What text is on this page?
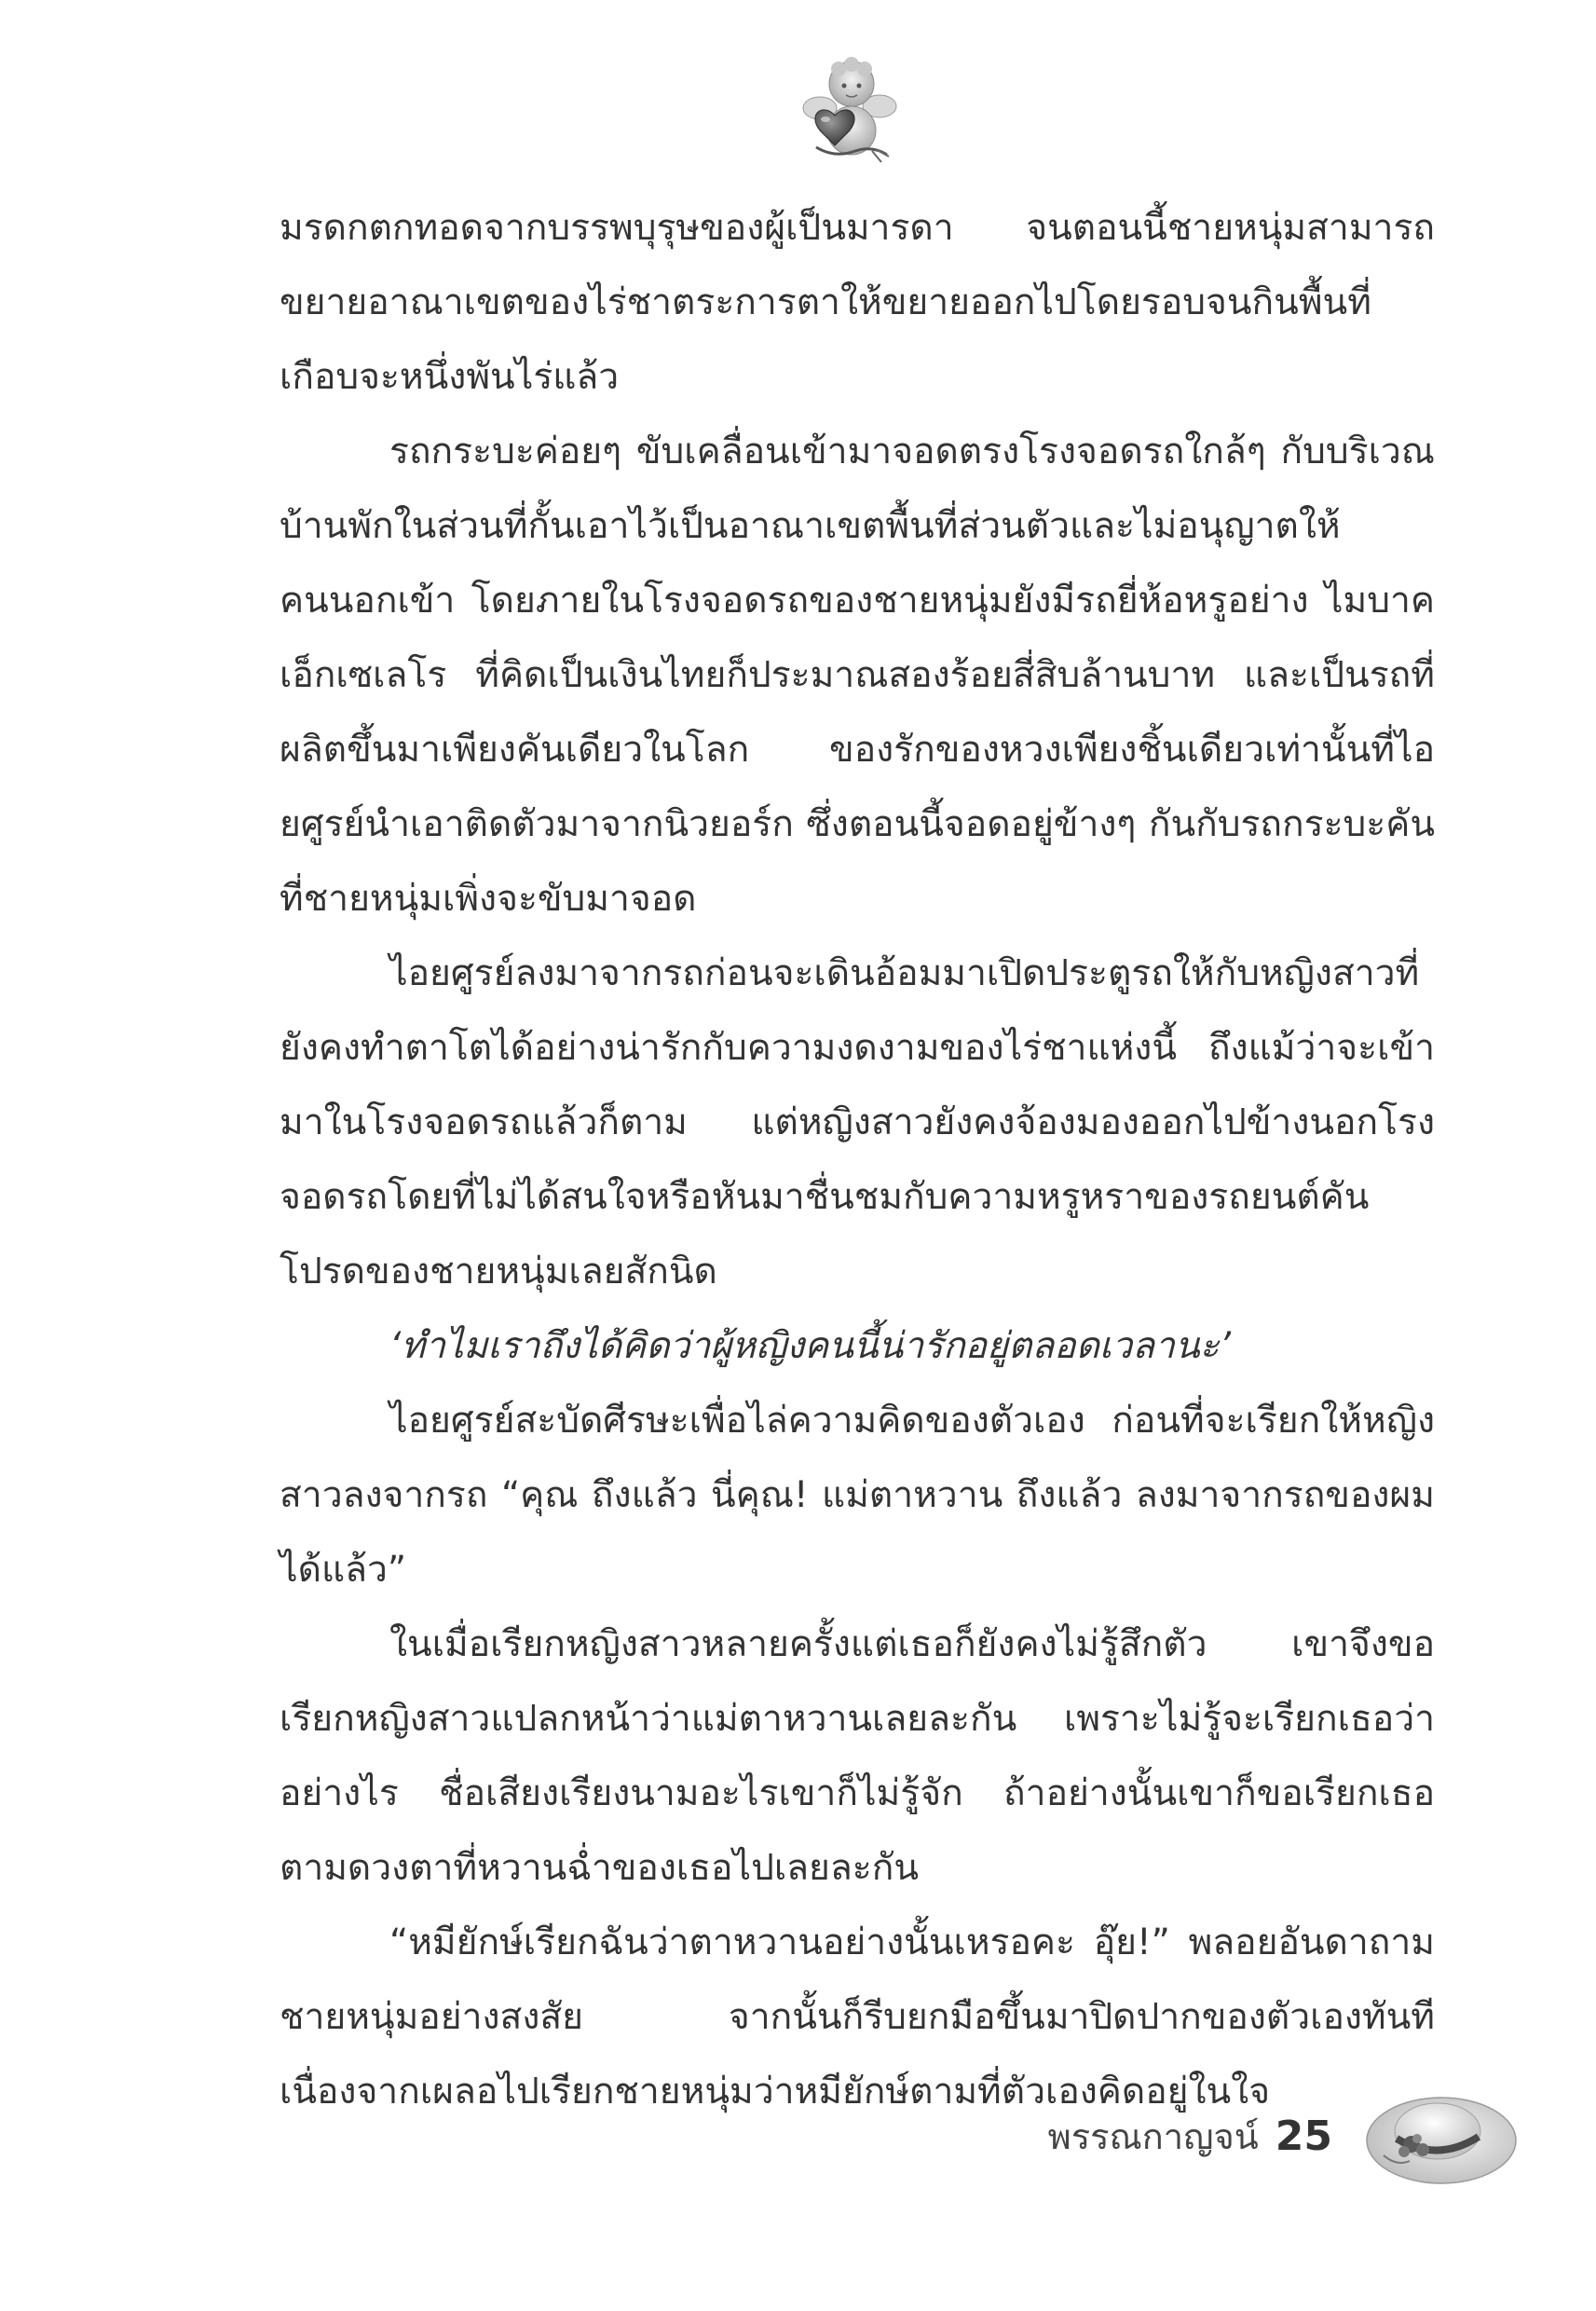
มรดกตกทอดจากบรรพบุรุษของผู้เป็นมารดา จนตอนนี้ชายหนุ่มสามารถขยายอาณาเขตของไร่ชาตระการตาให้ขยายออกไปโดยรอบจนกินพื้นที่เกือบจะหนึ่งพันไร่แล้ว

รถกระบะค่อยๆ ขับเคลื่อนเข้ามาจอดตรงโรงจอดรถใกล้ๆ กับบริเวณบ้านพักในส่วนที่กั้นเอาไว้เป็นอาณาเขตพื้นที่ส่วนตัวและไม่อนุญาตให้คนนอกเข้า โดยภายในโรงจอดรถของชายหนุ่มยังมีรถยี่ห้อหรูอย่าง ไมบาค เอ็กเซเลโร ที่คิดเป็นเงินไทยก็ประมาณสองร้อยสี่สิบล้านบาท และเป็นรถที่ผลิตขึ้นมาเพียงคันเดียวในโลก ของรักของหวงเพียงชิ้นเดียวเท่านั้นที่ไอยศูรย์นำเอาติดตัวมาจากนิวยอร์ก ซึ่งตอนนี้จอดอยู่ข้างๆ กันกับรถกระบะคันที่ชายหนุ่มเพิ่งจะขับมาจอด

ไอยศูรย์ลงมาจากรถก่อนจะเดินอ้อมมาเปิดประตูรถให้กับหญิงสาวที่ยังคงทำตาโตได้อย่างน่ารักกับความงดงามของไร่ชาแห่งนี้ ถึงแม้ว่าจะเข้ามาในโรงจอดรถแล้วก็ตาม แต่หญิงสาวยังคงจ้องมองออกไปข้างนอกโรงจอดรถโดยที่ไม่ได้สนใจหรือหันมาชื่นชมกับความหรูหราของรถยนต์คันโปรดของชายหนุ่มเลยสักนิด

‘ทำไมเราถึงได้คิดว่าผู้หญิงคนนี้น่ารักอยู่ตลอดเวลานะ’

ไอยศูรย์สะบัดศีรษะเพื่อไล่ความคิดของตัวเอง ก่อนที่จะเรียกให้หญิงสาวลงจากรถ “คุณ ถึงแล้ว นี่คุณ! แม่ตาหวาน ถึงแล้ว ลงมาจากรถของผมได้แล้ว”

ในเมื่อเรียกหญิงสาวหลายครั้งแต่เธอก็ยังคงไม่รู้สึกตัว เขาจึงขอเรียกหญิงสาวแปลกหน้าว่าแม่ตาหวานเลยละกัน เพราะไม่รู้จะเรียกเธอว่าอย่างไร ชื่อเสียงเรียงนามอะไรเขาก็ไม่รู้จัก ถ้าอย่างนั้นเขาก็ขอเรียกเธอตามดวงตาที่หวานฉ่ำของเธอไปเลยละกัน

“หมียักษ์เรียกฉันว่าตาหวานอย่างนั้นเหรอคะ อุ๊ย!” พลอยอันดาถามชายหนุ่มอย่างสงสัย จากนั้นก็รีบยกมือขึ้นมาปิดปากของตัวเองทันที เนื่องจากเผลอไปเรียกชายหนุ่มว่าหมียักษ์ตามที่ตัวเองคิดอยู่ในใจ

พรรณกาญจน์ 25
